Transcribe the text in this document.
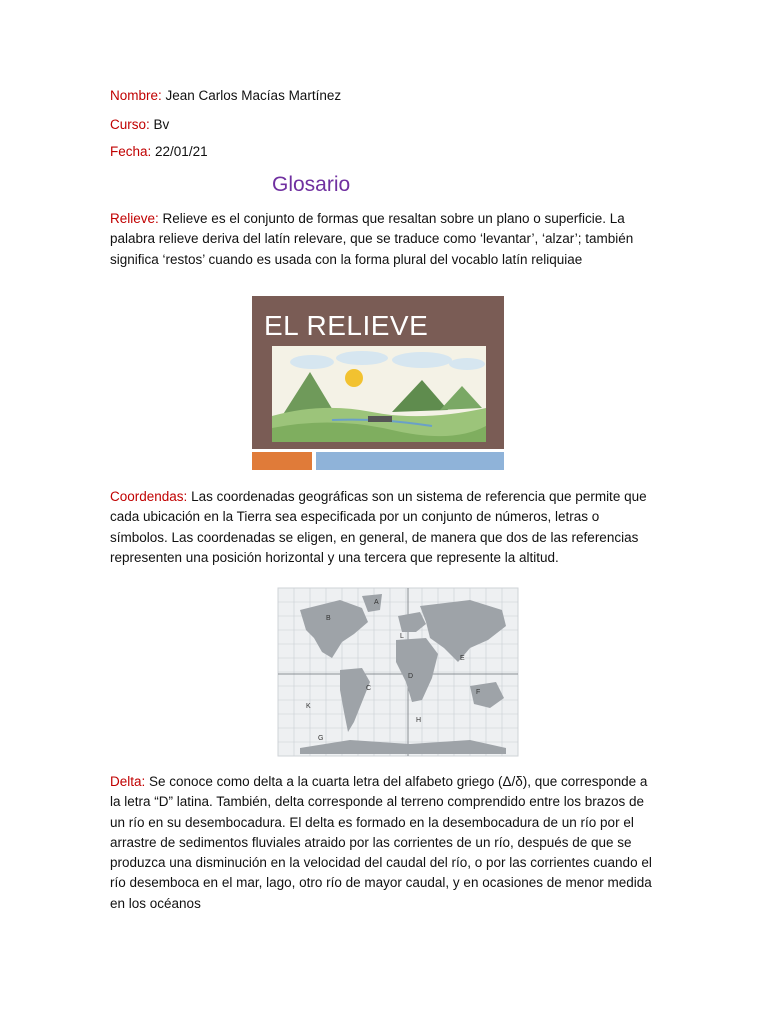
Nombre: Jean Carlos Macías Martínez
Curso: Bv
Fecha: 22/01/21
Glosario
Relieve: Relieve es el conjunto de formas que resaltan sobre un plano o superficie. La palabra relieve deriva del latín relevare, que se traduce como ‘levantar’, ‘alzar’; también significa ‘restos’ cuando es usada con la forma plural del vocablo latín reliquiae
EL RELIEVE
Coordendas: Las coordenadas geográficas son un sistema de referencia que permite que cada ubicación en la Tierra sea especificada por un conjunto de números, letras o símbolos. Las coordenadas se eligen, en general, de manera que dos de las referencias representen una posición horizontal y una tercera que represente la altitud.
A
B
C
D
E
F
G
H
K
L
Delta: Se conoce como delta a la cuarta letra del alfabeto griego (Δ/δ), que corresponde a la letra “D” latina. También, delta corresponde al terreno comprendido entre los brazos de un río en su desembocadura. El delta es formado en la desembocadura de un río por el arrastre de sedimentos fluviales atraido por las corrientes de un río, después de que se produzca una disminución en la velocidad del caudal del río, o por las corrientes cuando el río desemboca en el mar, lago, otro río de mayor caudal, y en ocasiones de menor medida en los océanos
